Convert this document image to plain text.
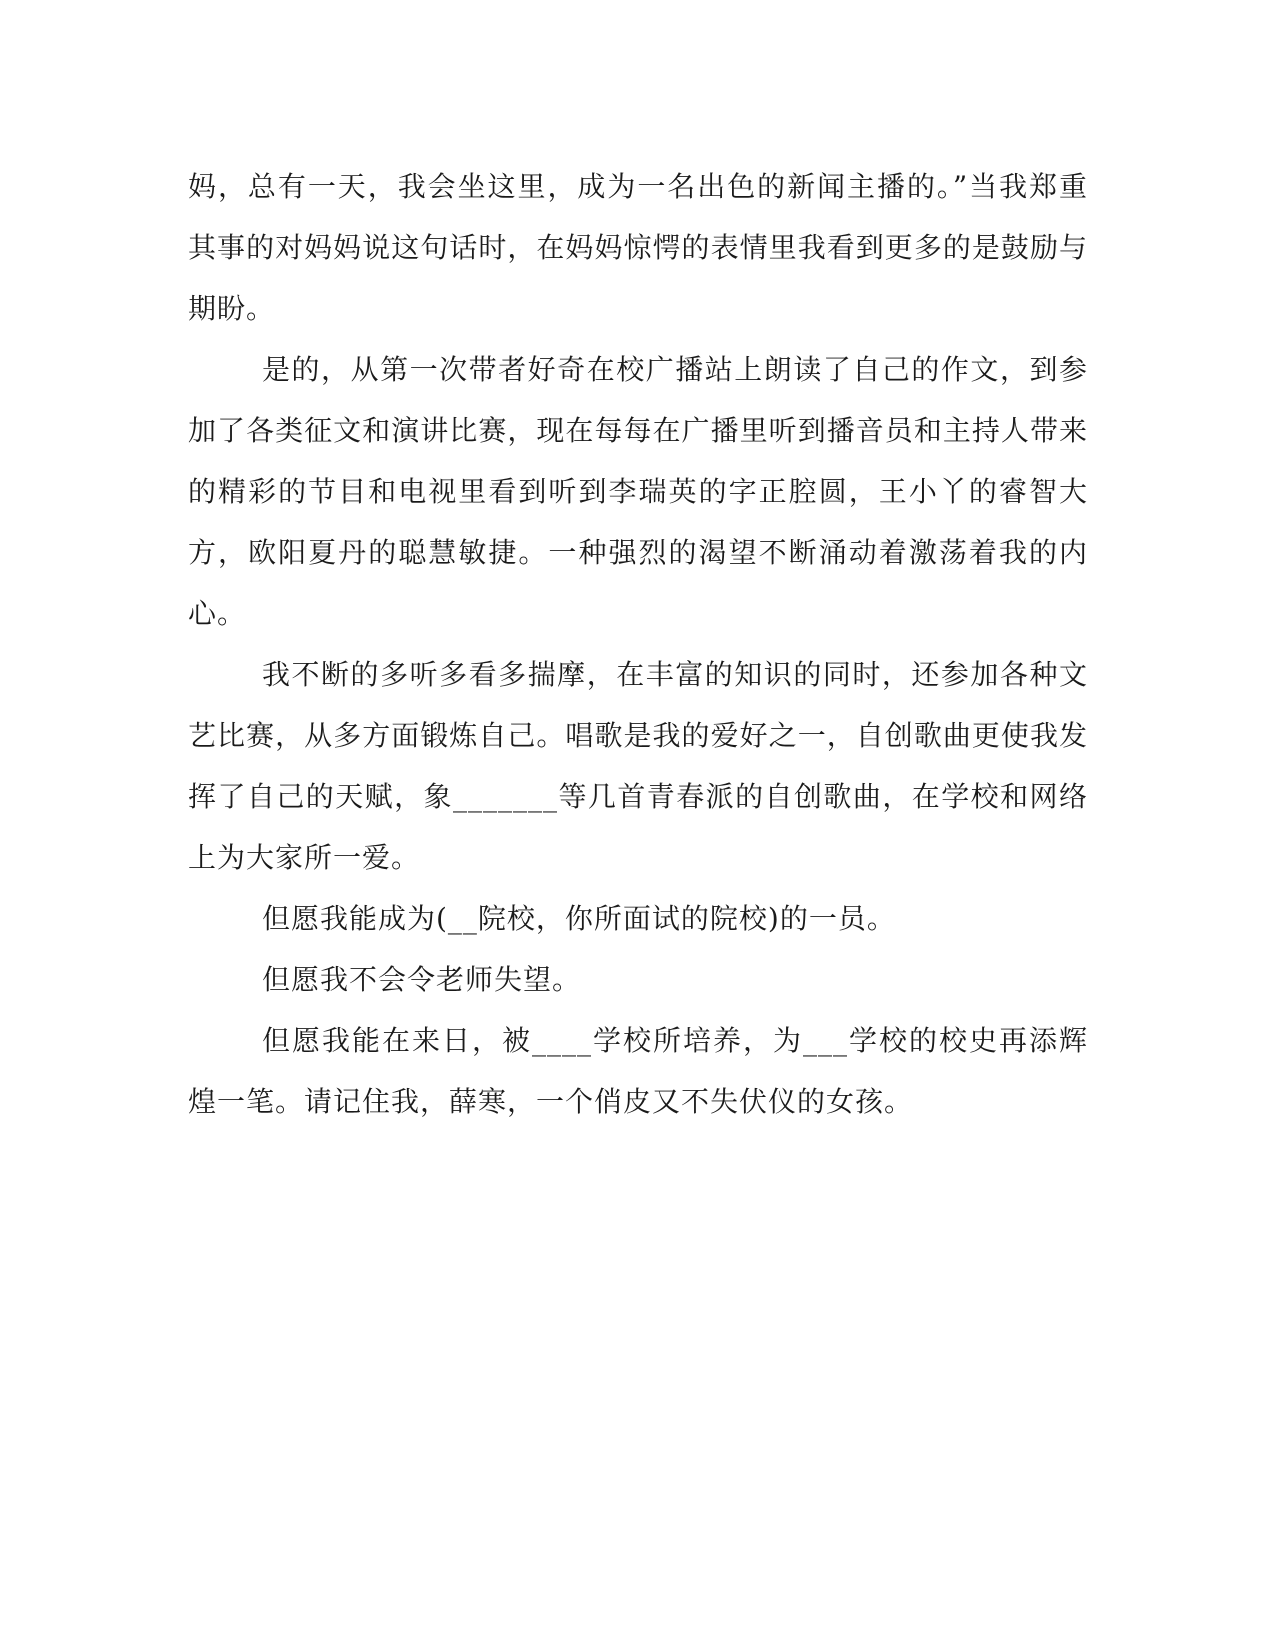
妈，总有一天，我会坐这里，成为一名出色的新闻主播的。”当我郑重其事的对妈妈说这句话时，在妈妈惊愕的表情里我看到更多的是鼓励与期盼。

是的，从第一次带者好奇在校广播站上朗读了自己的作文，到参加了各类征文和演讲比赛，现在每每在广播里听到播音员和主持人带来的精彩的节目和电视里看到听到李瑞英的字正腔圆，王小丫的睿智大方，欧阳夏丹的聪慧敏捷。一种强烈的渴望不断涌动着激荡着我的内心。

我不断的多听多看多揣摩，在丰富的知识的同时，还参加各种文艺比赛，从多方面锻炼自己。唱歌是我的爱好之一，自创歌曲更使我发挥了自己的天赋，象_______等几首青春派的自创歌曲，在学校和网络上为大家所一爱。

但愿我能成为(__院校，你所面试的院校)的一员。

但愿我不会令老师失望。

但愿我能在来日，被____学校所培养，为___学校的校史再添辉煌一笔。请记住我，薛寒，一个俏皮又不失伏仪的女孩。
